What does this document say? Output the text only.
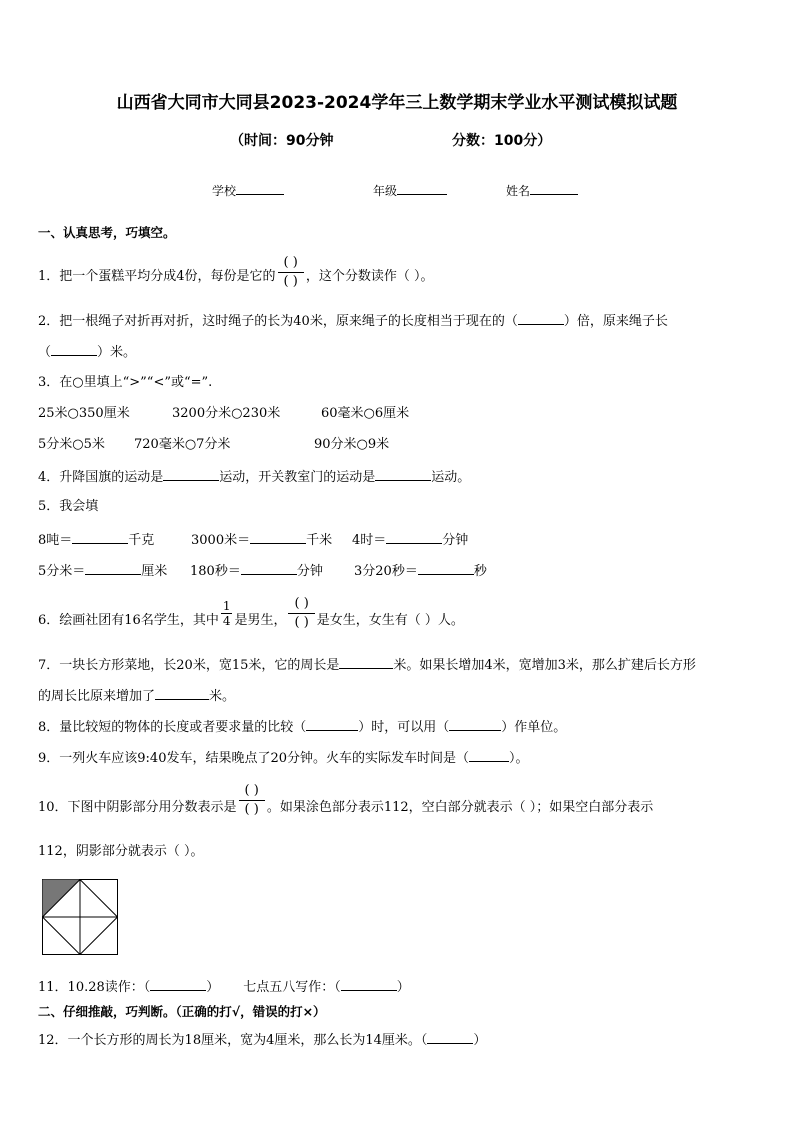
山西省大同市大同县2023-2024学年三上数学期末学业水平测试模拟试题
（时间：90分钟	分数：100分）
学校	年级	姓名
一、认真思考，巧填空。
1．把一个蛋糕平均分成4份，每份是它的 $\frac{( )}{( )}$ ，这个分数读作（ ）。
2．把一根绳子对折再对折，这时绳子的长为40米，原来绳子的长度相当于现在的（	）倍，原来绳子长
（	）米。
3．在○里填上“>”“<”或“=”.
25米○350厘米	3200分米○230米	60毫米○6厘米
5分米○5米 720毫米○7分米	90分米○9米
4．升降国旗的运动是	运动，开关教室门的运动是	运动。
5．我会填
8吨＝	千克	3000米＝	千米 4时＝	分钟
5分米＝	厘米 180秒＝	分钟 3分20秒＝	秒
6．绘画社团有16名学生，其中 $\frac{1}{4}$ 是男生， $\frac{( )}{( )}$ 是女生，女生有（ ）人。
7．一块长方形菜地，长20米，宽15米，它的周长是	米。如果长增加4米，宽增加3米，那么扩建后长方形
的周长比原来增加了	米。
8．量比较短的物体的长度或者要求量的比较（	）时，可以用（	）作单位。
9．一列火车应该9:40发车，结果晚点了20分钟。火车的实际发车时间是（	）。
10．下图中阴影部分用分数表示是 $\frac{( )}{( )}$ 。如果涂色部分表示112，空白部分就表示（ ）；如果空白部分表示
112，阴影部分就表示（ ）。
11．10.28读作：（	） 七点五八写作：（	）
二、仔细推敲，巧判断。（正确的打√，错误的打×）
12．一个长方形的周长为18厘米，宽为4厘米，那么长为14厘米。（	）
